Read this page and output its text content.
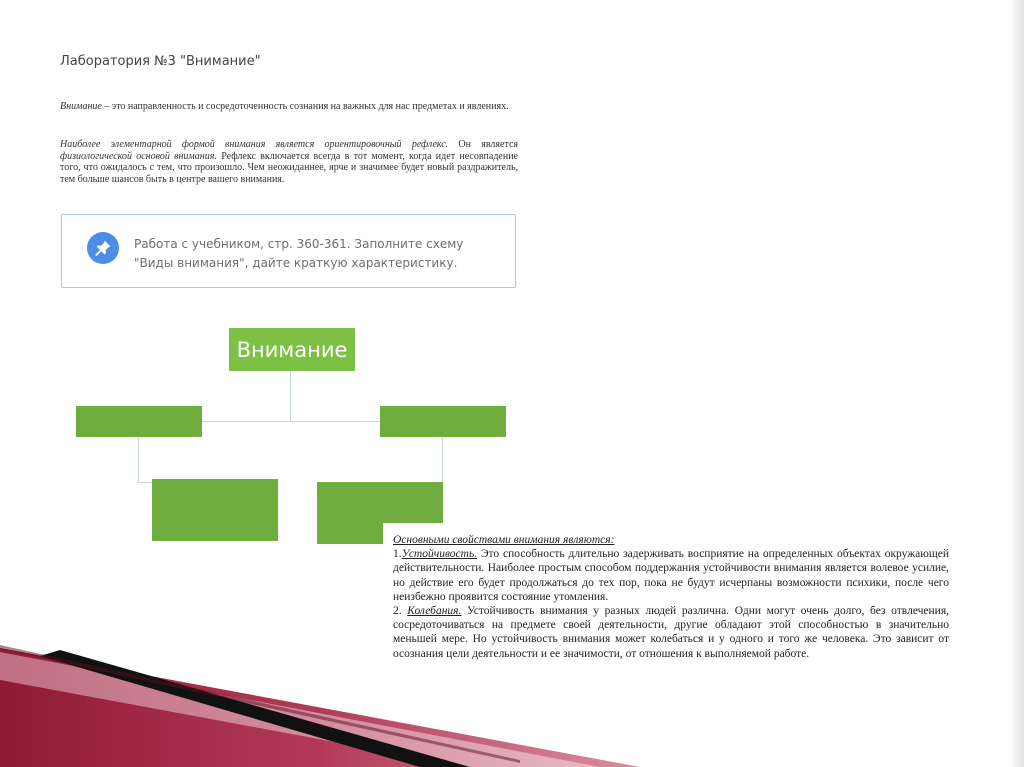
Лаборатория №3 "Внимание"
Внимание – это направленность и сосредоточенность сознания на важных для нас предметах и явлениях.
Наиболее элементарной формой внимания является ориентировочный рефлекс. Он является физиологической основой внимания. Рефлекс включается всегда в тот момент, когда идет несовпадение того, что ожидалось с тем, что произошло. Чем неожиданнее, ярче и значимее будет новый раздражитель, тем больше шансов быть в центре вашего внимания.
Работа с учебником, стр. 360-361. Заполните схему "Виды внимания", дайте краткую характеристику.
Внимание

Основными свойствами внимания являются:

1.Устойчивость. Это способность длительно задерживать восприятие на определенных объектах окружающей действительности. Наиболее простым способом поддержания устойчивости внимания является волевое усилие, но действие его будет продолжаться до тех пор, пока не будут исчерпаны возможности психики, после чего неизбежно проявится состояние утомления.

2. Колебания. Устойчивость внимания у разных людей различна. Одни могут очень долго, без отвлечения, сосредоточиваться на предмете своей деятельности, другие обладают этой способностью в значительно меньшей мере. Но устойчивость внимания может колебаться и у одного и того же человека. Это зависит от осознания цели деятельности и ее значимости, от отношения к выполняемой работе.
